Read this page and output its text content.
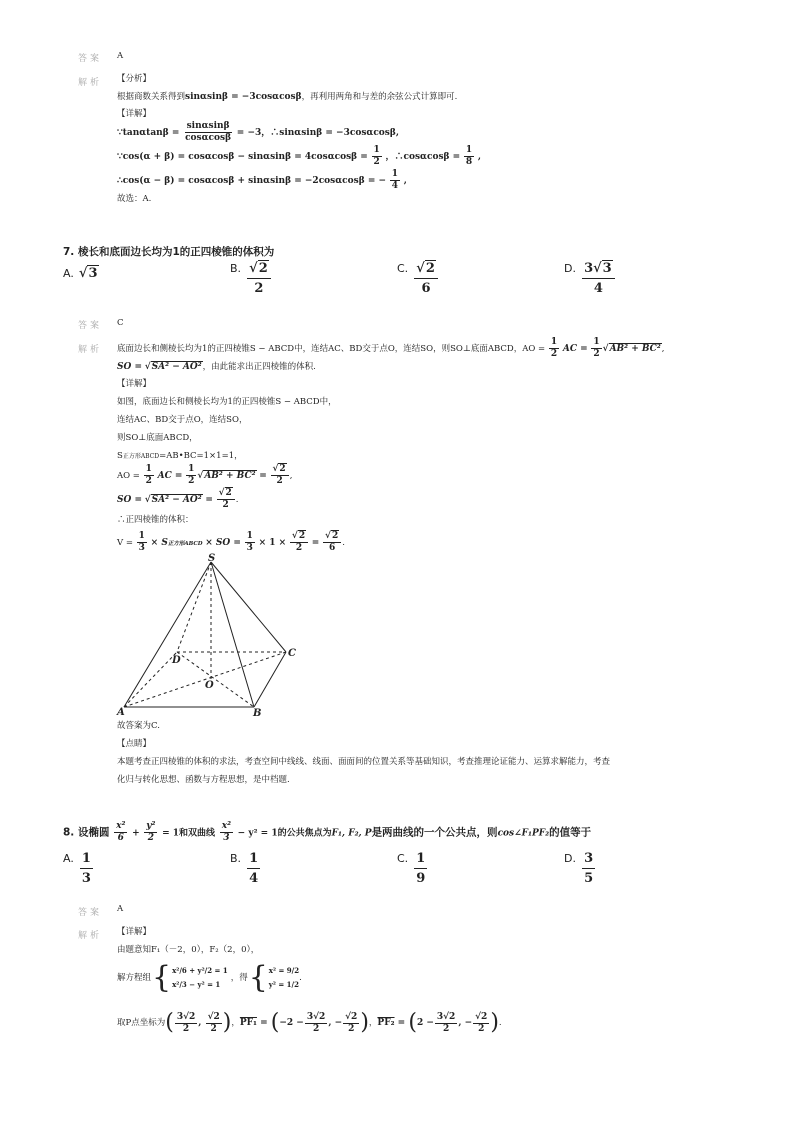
答案 A
解析 【分析】
根据商数关系得到sinαsinβ = −3cosαcosβ，再利用两角和与差的余弦公式计算即可.
【详解】
∵tanαtanβ = $\frac{\sin\alpha\sin\beta}{\cos\alpha\cos\beta} = -3$，∴sinαsinβ = −3cosαcosβ,
∵cos(α + $\beta) = \cos\alpha\cos\beta - \sin\alpha\sin\beta = 4\cos\alpha\cos\beta = \frac{1}{2}$ ，∴cosαcosβ = $\frac{1}{8}$ ,
∴cos(α − β) = cosαcosβ + sinαsinβ = −2cosαcosβ = − $\frac{1}{4}$ ,
故选：A.
7. 棱长和底面边长均为1的正四棱锥的体积为
A. √3	$^{B.} \frac{√2}{2}$	$^{C.} \frac{√2}{6}$	$^{D.} \frac{3√3}{4}$
答案 C
解析 底面边长和侧棱长均为1的正四棱锥S − ABCD中，连结AC、BD交于点O，连结SO，则SO⊥底面ABCD，AO = $\frac{1}{2}$ AC = $\frac{1}{2} √AB^2 + BC^2$,
SO = √SA² − AO²，由此能求出正四棱锥的体积.
【详解】
如图，底面边长和侧棱长均为1的正四棱锥S − ABCD中，
连结AC、BD交于点O，连结SO，
则SO⊥底面ABCD，
S正方形ABCD=AB•BC=1×1=1，
AO = $\frac{1}{2}$ AC = $\frac{1}{2} √AB^2 + BC^2 = \frac{√2}{2}$ ,
SO = $√SA^2 - AO^2 = \frac{√2}{2}$ .
∴正四棱锥的体积：
$V = \frac{1}{3} \times S$正方形ABCD × SO = $\frac{1}{3} \times 1 \times \frac{√2}{2} = \frac{√2}{6}$ .
S
A	B
C
D
O
故答案为C.
【点睛】
本题考查正四棱锥的体积的求法，考查空间中线线、线面、面面间的位置关系等基础知识，考查推理论证能力、运算求解能力，考查
化归与转化思想、函数与方程思想，是中档题.
8. 设椭圆 $\frac{\text{x²}}{6} + \frac{\text{y²}}{2} = 1$和双曲线 $\frac{\text{x²}}{3} - y^2 = 1$的公共焦点为F₁, F₂, P是两曲线的一个公共点，则cos∠F₁PF₂的值等于
$^{A.} \frac{1}{3}$	$^{B.} \frac{1}{4}$	$^{C.} \frac{1}{9}$	$^{D.} \frac{3}{5}$
答案 A
解析 【详解】
由题意知F₁（－2，0），F₂（2，0），
解方程组 { x²/6 + y²/2 = 1
x²/3 − y² = 1
，得 { x² = 9/2
y² = 1/2
.
取P点坐标为 ( $\frac{3√2}{2}$ , $\frac{√2}{2}$ ) ， PF₁ = ( $-2 - \frac{3√2}{2}$ , − $\frac{√2}{2}$ ) ， PF₂ = ( $2 - \frac{3√2}{2}$ , − $\frac{√2}{2}$ ) .
